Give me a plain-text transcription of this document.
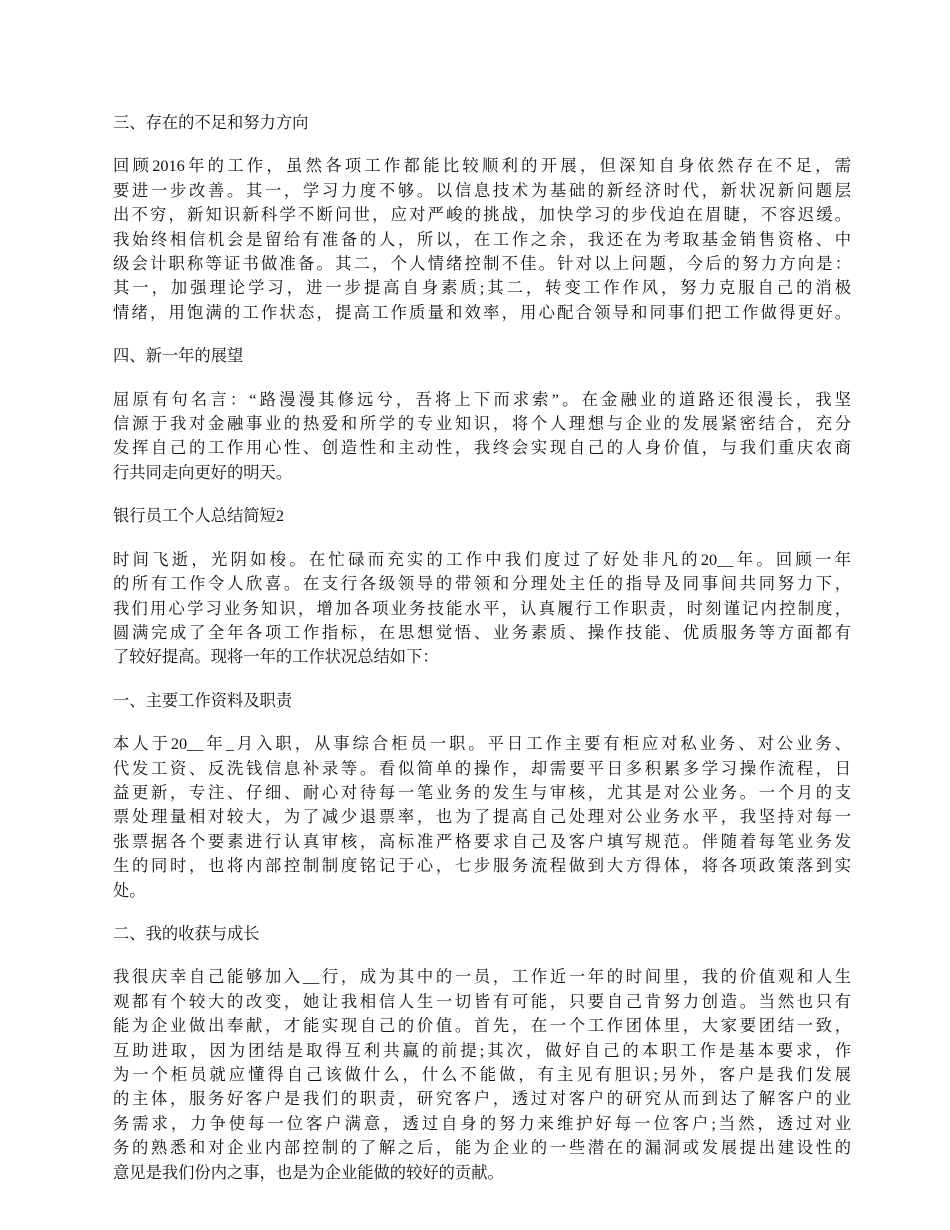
三、存在的不足和努力方向
回顾2016年的工作，虽然各项工作都能比较顺利的开展，但深知自身依然存在不足，需
要进一步改善。其一，学习力度不够。以信息技术为基础的新经济时代，新状况新问题层
出不穷，新知识新科学不断问世，应对严峻的挑战，加快学习的步伐迫在眉睫，不容迟缓。
我始终相信机会是留给有准备的人，所以，在工作之余，我还在为考取基金销售资格、中
级会计职称等证书做准备。其二，个人情绪控制不佳。针对以上问题，今后的努力方向是：
其一，加强理论学习，进一步提高自身素质;其二，转变工作作风，努力克服自己的消极
情绪，用饱满的工作状态，提高工作质量和效率，用心配合领导和同事们把工作做得更好。
四、新一年的展望
屈原有句名言：“路漫漫其修远兮，吾将上下而求索”。在金融业的道路还很漫长，我坚
信源于我对金融事业的热爱和所学的专业知识，将个人理想与企业的发展紧密结合，充分
发挥自己的工作用心性、创造性和主动性，我终会实现自己的人身价值，与我们重庆农商
行共同走向更好的明天。
银行员工个人总结简短2
时间飞逝，光阴如梭。在忙碌而充实的工作中我们度过了好处非凡的20__年。回顾一年
的所有工作令人欣喜。在支行各级领导的带领和分理处主任的指导及同事间共同努力下，
我们用心学习业务知识，增加各项业务技能水平，认真履行工作职责，时刻谨记内控制度，
圆满完成了全年各项工作指标，在思想觉悟、业务素质、操作技能、优质服务等方面都有
了较好提高。现将一年的工作状况总结如下：
一、主要工作资料及职责
本人于20__年_月入职，从事综合柜员一职。平日工作主要有柜应对私业务、对公业务、
代发工资、反洗钱信息补录等。看似简单的操作，却需要平日多积累多学习操作流程，日
益更新，专注、仔细、耐心对待每一笔业务的发生与审核，尤其是对公业务。一个月的支
票处理量相对较大，为了减少退票率，也为了提高自己处理对公业务水平，我坚持对每一
张票据各个要素进行认真审核，高标准严格要求自己及客户填写规范。伴随着每笔业务发
生的同时，也将内部控制制度铭记于心，七步服务流程做到大方得体，将各项政策落到实
处。
二、我的收获与成长
我很庆幸自己能够加入__行，成为其中的一员，工作近一年的时间里，我的价值观和人生
观都有个较大的改变，她让我相信人生一切皆有可能，只要自己肯努力创造。当然也只有
能为企业做出奉献，才能实现自己的价值。首先，在一个工作团体里，大家要团结一致，
互助进取，因为团结是取得互利共赢的前提;其次，做好自己的本职工作是基本要求，作
为一个柜员就应懂得自己该做什么，什么不能做，有主见有胆识;另外，客户是我们发展
的主体，服务好客户是我们的职责，研究客户，透过对客户的研究从而到达了解客户的业
务需求，力争使每一位客户满意，透过自身的努力来维护好每一位客户;当然，透过对业
务的熟悉和对企业内部控制的了解之后，能为企业的一些潜在的漏洞或发展提出建设性的
意见是我们份内之事，也是为企业能做的较好的贡献。
